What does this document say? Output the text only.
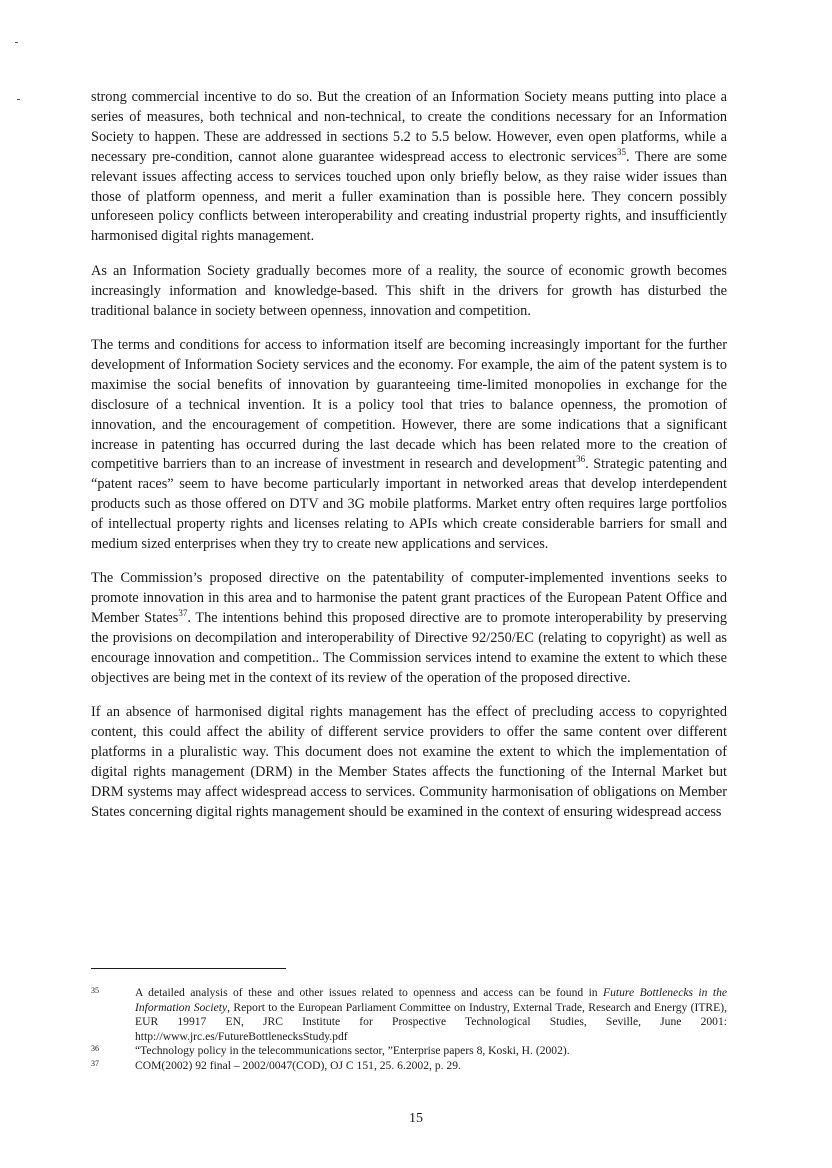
strong commercial incentive to do so. But the creation of an Information Society means putting into place a series of measures, both technical and non-technical, to create the conditions necessary for an Information Society to happen. These are addressed in sections 5.2 to 5.5 below. However, even open platforms, while a necessary pre-condition, cannot alone guarantee widespread access to electronic services$^{35}$. There are some relevant issues affecting access to services touched upon only briefly below, as they raise wider issues than those of platform openness, and merit a fuller examination than is possible here. They concern possibly unforeseen policy conflicts between interoperability and creating industrial property rights, and insufficiently harmonised digital rights management.

As an Information Society gradually becomes more of a reality, the source of economic growth becomes increasingly information and knowledge-based. This shift in the drivers for growth has disturbed the traditional balance in society between openness, innovation and competition.

The terms and conditions for access to information itself are becoming increasingly important for the further development of Information Society services and the economy. For example, the aim of the patent system is to maximise the social benefits of innovation by guaranteeing time-limited monopolies in exchange for the disclosure of a technical invention. It is a policy tool that tries to balance openness, the promotion of innovation, and the encouragement of competition. However, there are some indications that a significant increase in patenting has occurred during the last decade which has been related more to the creation of competitive barriers than to an increase of investment in research and development$^{36}$. Strategic patenting and “patent races” seem to have become particularly important in networked areas that develop interdependent products such as those offered on DTV and 3G mobile platforms. Market entry often requires large portfolios of intellectual property rights and licenses relating to APIs which create considerable barriers for small and medium sized enterprises when they try to create new applications and services.

The Commission’s proposed directive on the patentability of computer-implemented inventions seeks to promote innovation in this area and to harmonise the patent grant practices of the European Patent Office and Member States$^{37}$. The intentions behind this proposed directive are to promote interoperability by preserving the provisions on decompilation and interoperability of Directive 92/250/EC (relating to copyright) as well as encourage innovation and competition.. The Commission services intend to examine the extent to which these objectives are being met in the context of its review of the operation of the proposed directive.

If an absence of harmonised digital rights management has the effect of precluding access to copyrighted content, this could affect the ability of different service providers to offer the same content over different platforms in a pluralistic way. This document does not examine the extent to which the implementation of digital rights management (DRM) in the Member States affects the functioning of the Internal Market but DRM systems may affect widespread access to services. Community harmonisation of obligations on Member States concerning digital rights management should be examined in the context of ensuring widespread access

35	A detailed analysis of these and other issues related to openness and access can be found in Future Bottlenecks in the Information Society, Report to the European Parliament Committee on Industry, External Trade, Research and Energy (ITRE), EUR 19917 EN, JRC Institute for Prospective Technological Studies, Seville, June 2001: http://www.jrc.es/FutureBottlenecksStudy.pdf
36	“Technology policy in the telecommunications sector, ”Enterprise papers 8, Koski, H. (2002).
37	COM(2002) 92 final – 2002/0047(COD), OJ C 151, 25. 6.2002, p. 29.
15
